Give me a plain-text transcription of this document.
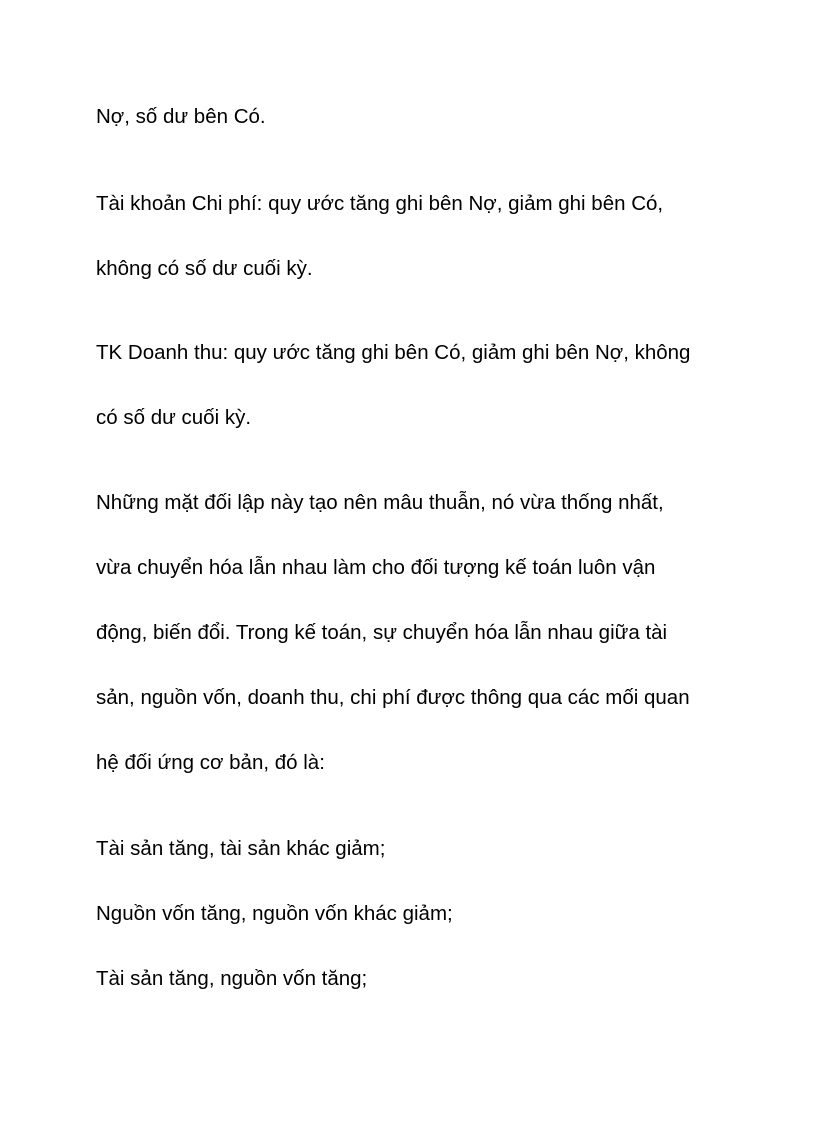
Nợ, số dư bên Có.
Tài khoản Chi phí: quy ước tăng ghi bên Nợ, giảm ghi bên Có,
không có số dư cuối kỳ.
TK Doanh thu: quy ước tăng ghi bên Có, giảm ghi bên Nợ, không
có số dư cuối kỳ.
Những mặt đối lập này tạo nên mâu thuẫn, nó vừa thống nhất,
vừa chuyển hóa lẫn nhau làm cho đối tượng kế toán luôn vận
động, biến đổi. Trong kế toán, sự chuyển hóa lẫn nhau giữa tài
sản, nguồn vốn, doanh thu, chi phí được thông qua các mối quan
hệ đối ứng cơ bản, đó là:
Tài sản tăng, tài sản khác giảm;
Nguồn vốn tăng, nguồn vốn khác giảm;
Tài sản tăng, nguồn vốn tăng;
